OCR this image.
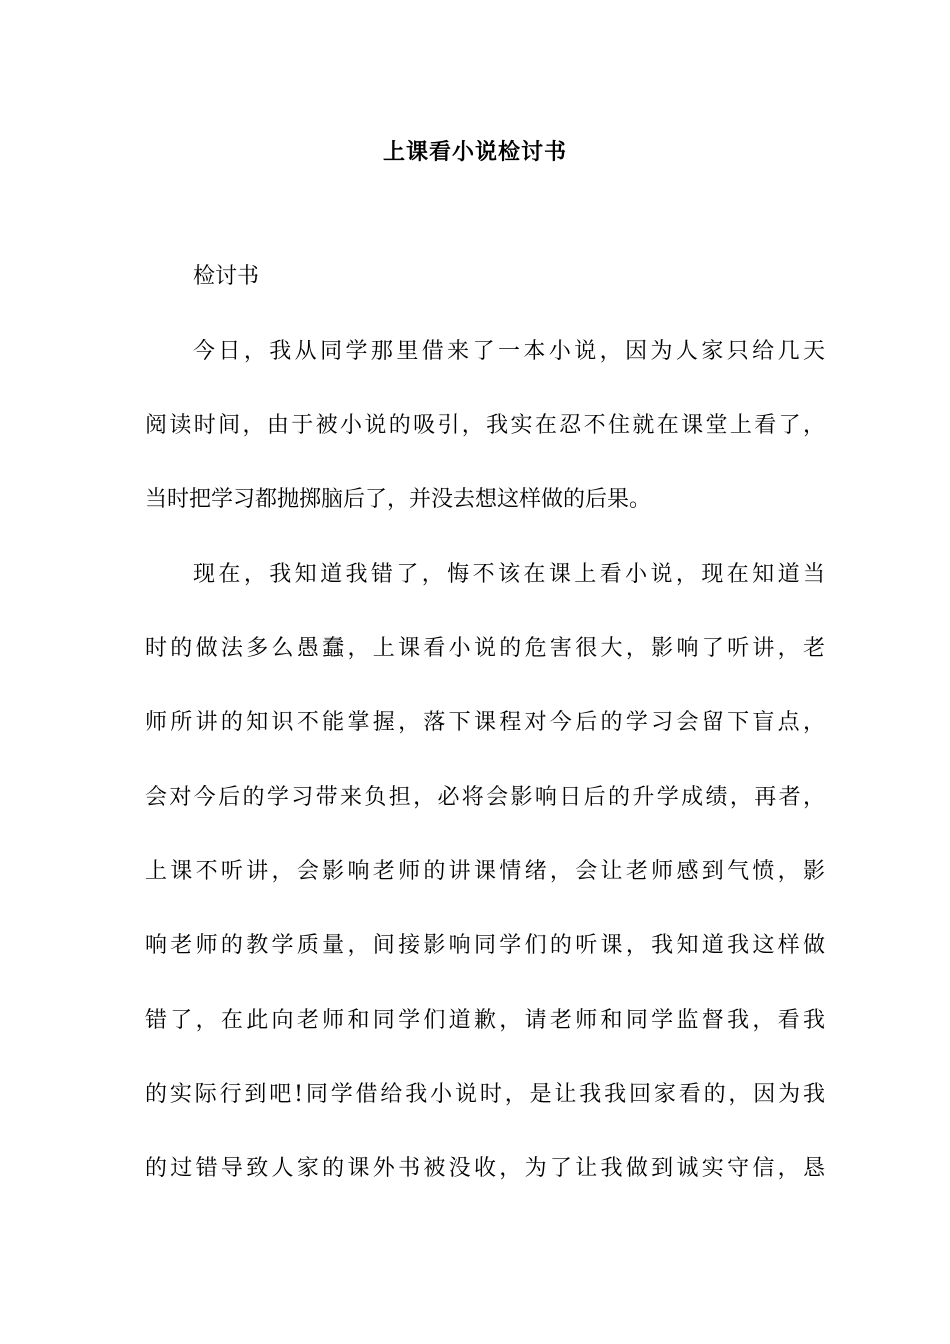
上课看小说检讨书
检讨书
今日，我从同学那里借来了一本小说，因为人家只给几天
阅读时间，由于被小说的吸引，我实在忍不住就在课堂上看了，
当时把学习都抛掷脑后了，并没去想这样做的后果。
现在，我知道我错了，悔不该在课上看小说，现在知道当
时的做法多么愚蠢，上课看小说的危害很大，影响了听讲，老
师所讲的知识不能掌握，落下课程对今后的学习会留下盲点，
会对今后的学习带来负担，必将会影响日后的升学成绩，再者，
上课不听讲，会影响老师的讲课情绪，会让老师感到气愤，影
响老师的教学质量，间接影响同学们的听课，我知道我这样做
错了，在此向老师和同学们道歉，请老师和同学监督我，看我
的实际行到吧!同学借给我小说时，是让我我回家看的，因为我
的过错导致人家的课外书被没收，为了让我做到诚实守信，恳
